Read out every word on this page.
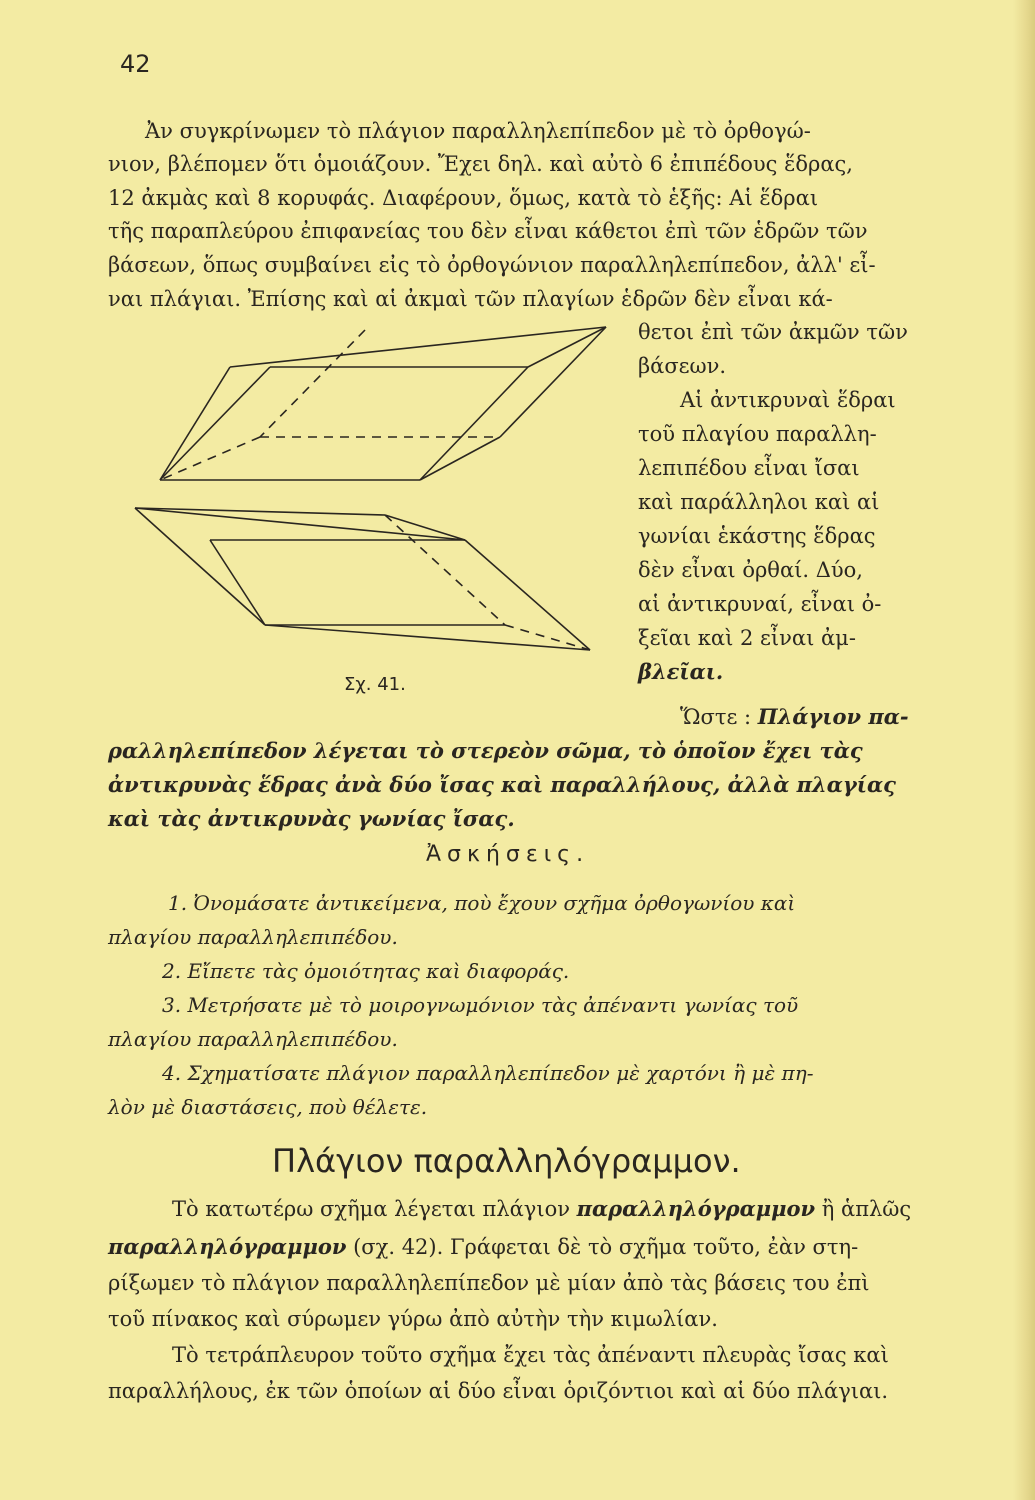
42
Ἀν συγκρίνωμεν τὸ πλάγιον παραλληλεπίπεδον μὲ τὸ ὀρθογώ-
νιον, βλέπομεν ὅτι ὁμοιάζουν. Ἔχει δηλ. καὶ αὐτὸ 6 ἐπιπέδους ἕδρας,
12 ἀκμὰς καὶ 8 κορυφάς. Διαφέρουν, ὅμως, κατὰ τὸ ἑξῆς: Αἱ ἕδραι
τῆς παραπλεύρου ἐπιφανείας του δὲν εἶναι κάθετοι ἐπὶ τῶν ἑδρῶν τῶν
βάσεων, ὅπως συμβαίνει εἰς τὸ ὀρθογώνιον παραλληλεπίπεδον, ἀλλ' εἶ-
ναι πλάγιαι. Ἐπίσης καὶ αἱ ἀκμαὶ τῶν πλαγίων ἑδρῶν δὲν εἶναι κά-
θετοι ἐπὶ τῶν ἀκμῶν τῶν
βάσεων.
Αἱ ἀντικρυναὶ ἕδραι
τοῦ πλαγίου παραλλη-
λεπιπέδου εἶναι ἴσαι
καὶ παράλληλοι καὶ αἱ
γωνίαι ἑκάστης ἕδρας
δὲν εἶναι ὀρθαί. Δύο,
αἱ ἀντικρυναί, εἶναι ὀ-
ξεῖαι καὶ 2 εἶναι ἀμ-
βλεῖαι.
Σχ. 41.
Ὥστε : Πλάγιον πα-
ραλληλεπίπεδον λέγεται τὸ στερεὸν σῶμα, τὸ ὁποῖον ἔχει τὰς
ἀντικρυνὰς ἕδρας ἀνὰ δύο ἴσας καὶ παραλλήλους, ἀλλὰ πλαγίας
καὶ τὰς ἀντικρυνὰς γωνίας ἴσας.
Ἀσκήσεις.
1. Ὀνομάσατε ἀντικείμενα, ποὺ ἔχουν σχῆμα ὀρθογωνίου καὶ
πλαγίου παραλληλεπιπέδου.
2. Εἴπετε τὰς ὁμοιότητας καὶ διαφοράς.
3. Μετρήσατε μὲ τὸ μοιρογνωμόνιον τὰς ἀπέναντι γωνίας τοῦ
πλαγίου παραλληλεπιπέδου.
4. Σχηματίσατε πλάγιον παραλληλεπίπεδον μὲ χαρτόνι ἢ μὲ πη-
λὸν μὲ διαστάσεις, ποὺ θέλετε.
Πλάγιον παραλληλόγραμμον.
Τὸ κατωτέρω σχῆμα λέγεται πλάγιον παραλληλόγραμμον ἢ ἁπλῶς
παραλληλόγραμμον (σχ. 42). Γράφεται δὲ τὸ σχῆμα τοῦτο, ἐὰν στη-
ρίξωμεν τὸ πλάγιον παραλληλεπίπεδον μὲ μίαν ἀπὸ τὰς βάσεις του ἐπὶ
τοῦ πίνακος καὶ σύρωμεν γύρω ἀπὸ αὐτὴν τὴν κιμωλίαν.
Τὸ τετράπλευρον τοῦτο σχῆμα ἔχει τὰς ἀπέναντι πλευρὰς ἴσας καὶ
παραλλήλους, ἐκ τῶν ὁποίων αἱ δύο εἶναι ὁριζόντιοι καὶ αἱ δύο πλάγιαι.
